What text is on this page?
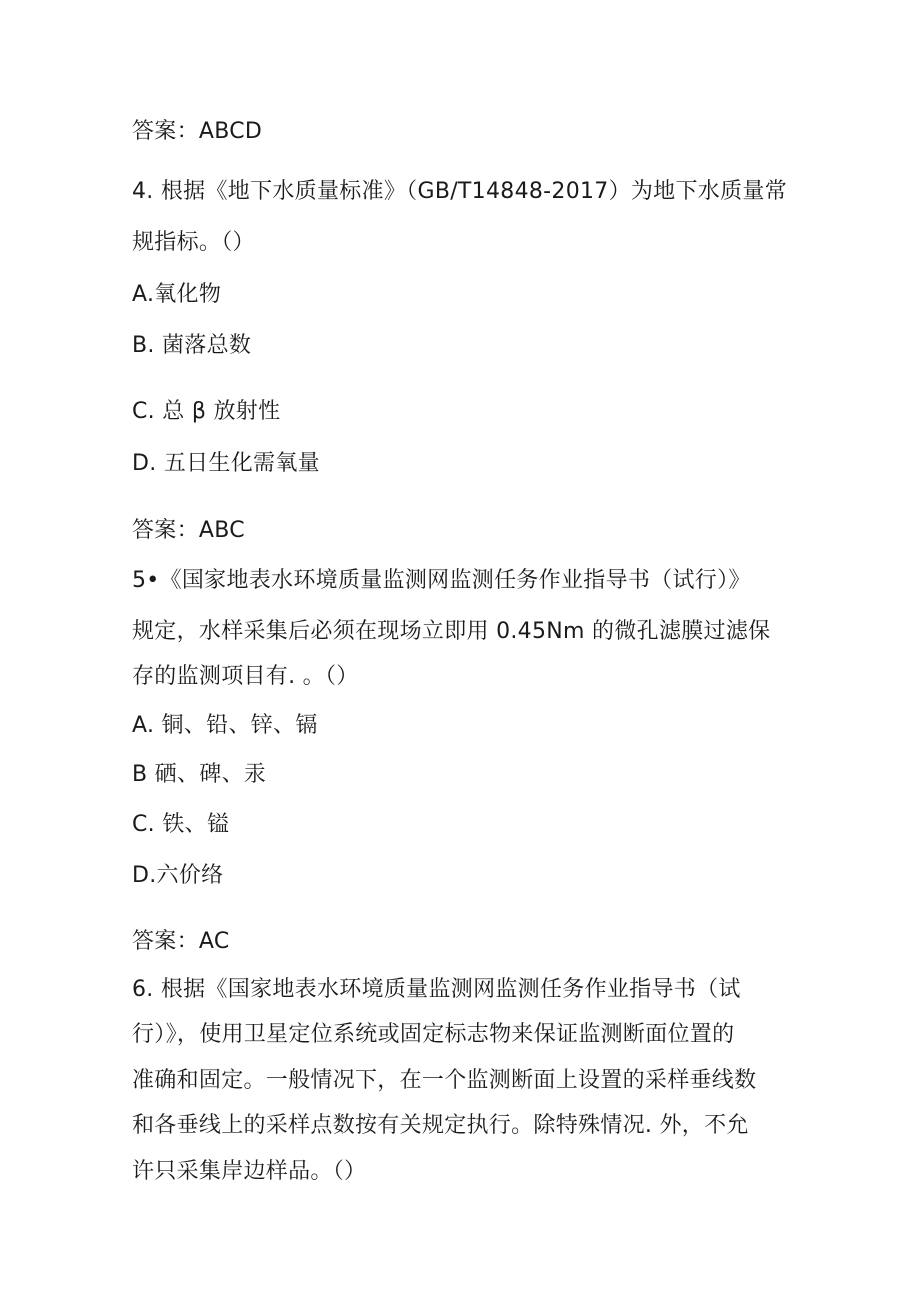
答案：ABCD
4. 根据《地下水质量标准》（GB/T14848-2017）为地下水质量常
规指标。（）
A.氧化物
B. 菌落总数
C. 总 β 放射性
D. 五日生化需氧量
答案：ABC
5•《国家地表水环境质量监测网监测任务作业指导书（试行）》
规定，水样采集后必须在现场立即用 0.45Nm 的微孔滤膜过滤保
存的监测项目有. 。（）
A. 铜、铅、锌、镉
B 硒、碑、汞
C. 铁、镒
D.六价络
答案：AC
6. 根据《国家地表水环境质量监测网监测任务作业指导书（试
行）》，使用卫星定位系统或固定标志物来保证监测断面位置的
准确和固定。一般情况下，在一个监测断面上设置的采样垂线数
和各垂线上的采样点数按有关规定执行。除特殊情况. 外，不允
许只采集岸边样品。（）
